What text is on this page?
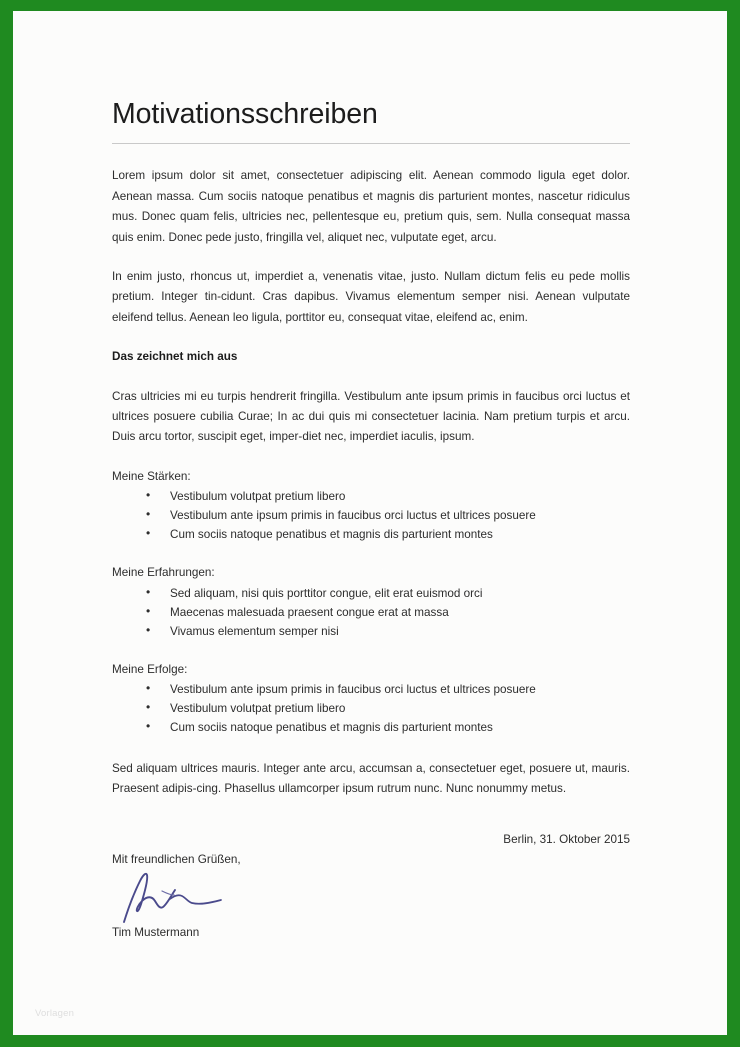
Motivationsschreiben

Lorem ipsum dolor sit amet, consectetuer adipiscing elit. Aenean commodo ligula eget dolor. Aenean massa. Cum sociis natoque penatibus et magnis dis parturient montes, nascetur ridiculus mus. Donec quam felis, ultricies nec, pellentesque eu, pretium quis, sem. Nulla consequat massa quis enim. Donec pede justo, fringilla vel, aliquet nec, vulputate eget, arcu.

In enim justo, rhoncus ut, imperdiet a, venenatis vitae, justo. Nullam dictum felis eu pede mollis pretium. Integer tin-cidunt. Cras dapibus. Vivamus elementum semper nisi. Aenean vulputate eleifend tellus. Aenean leo ligula, porttitor eu, consequat vitae, eleifend ac, enim.

Das zeichnet mich aus

Cras ultricies mi eu turpis hendrerit fringilla. Vestibulum ante ipsum primis in faucibus orci luctus et ultrices posuere cubilia Curae; In ac dui quis mi consectetuer lacinia. Nam pretium turpis et arcu. Duis arcu tortor, suscipit eget, imper-diet nec, imperdiet iaculis, ipsum.

Meine Stärken:

• Vestibulum volutpat pretium libero
• Vestibulum ante ipsum primis in faucibus orci luctus et ultrices posuere
• Cum sociis natoque penatibus et magnis dis parturient montes

Meine Erfahrungen:

• Sed aliquam, nisi quis porttitor congue, elit erat euismod orci
• Maecenas malesuada praesent congue erat at massa
• Vivamus elementum semper nisi

Meine Erfolge:

• Vestibulum ante ipsum primis in faucibus orci luctus et ultrices posuere
• Vestibulum volutpat pretium libero
• Cum sociis natoque penatibus et magnis dis parturient montes

Sed aliquam ultrices mauris. Integer ante arcu, accumsan a, consectetuer eget, posuere ut, mauris. Praesent adipis-cing. Phasellus ullamcorper ipsum rutrum nunc. Nunc nonummy metus.

Berlin, 31. Oktober 2015

Mit freundlichen Grüßen,

Tim Mustermann

Vorlagen
